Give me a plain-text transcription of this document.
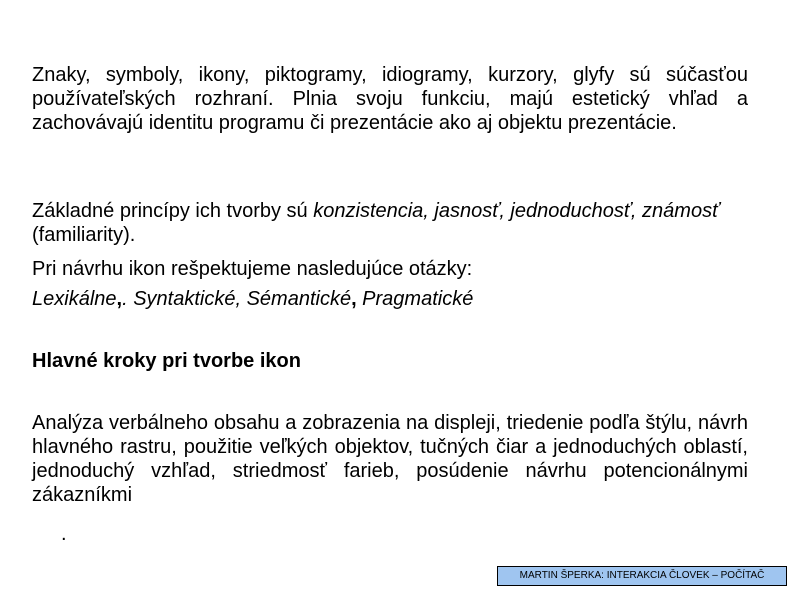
Znaky, symboly, ikony, piktogramy, idiogramy, kurzory, glyfy sú súčasťou používateľských rozhraní. Plnia svoju funkciu, majú estetický vhľad a zachovávajú identitu programu či prezentácie ako aj objektu prezentácie.

Základné princípy ich tvorby sú konzistencia, jasnosť, jednoduchosť, známosť (familiarity).

Pri návrhu ikon rešpektujeme nasledujúce otázky:

Lexikálne,. Syntaktické, Sémantické, Pragmatické

Hlavné kroky pri tvorbe ikon

Analýza verbálneho obsahu a zobrazenia na displeji, triedenie podľa štýlu, návrh hlavného rastru, použitie veľkých objektov, tučných čiar a jednoduchých oblastí, jednoduchý vzhľad, striedmosť farieb, posúdenie návrhu potencionálnymi zákazníkmi

.
MARTIN ŠPERKA: INTERAKCIA ČLOVEK – POČÍTAČ
